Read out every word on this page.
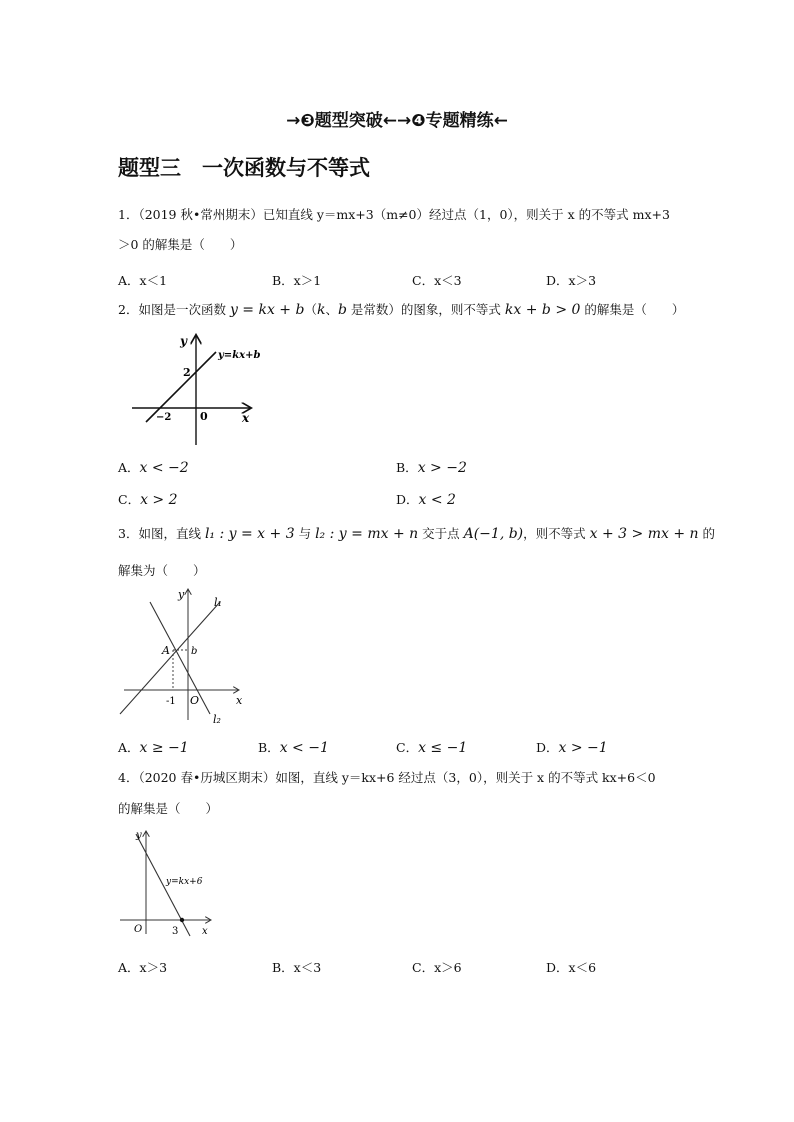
→❸题型突破←→❹专题精练←
题型三　一次函数与不等式
1．（2019 秋•常州期末）已知直线 y＝mx+3（m≠0）经过点（1，0），则关于 x 的不等式 mx+3
＞0 的解集是（　　）
A．x＜1	B．x＞1	C．x＜3	D．x＞3
2．如图是一次函数 y = kx + b（k、b 是常数）的图象，则不等式 kx + b > 0 的解集是（　　）
y
y=kx+b
2
−2	0	x
A．x < −2	B．x > −2
C．x > 2	D．x < 2
3．如图，直线 l₁ : y = x + 3 与 l₂ : y = mx + n 交于点 A(−1, b)，则不等式 x + 3 > mx + n 的
解集为（　　）
y
l₁
A b
-1 O	x
l₂
A．x ≥ −1	B．x < −1	C．x ≤ −1	D．x > −1
4．（2020 春•历城区期末）如图，直线 y＝kx+6 经过点（3，0），则关于 x 的不等式 kx+6＜0
的解集是（　　）
y
y=kx+6
O	3 x
A．x＞3	B．x＜3	C．x＞6	D．x＜6
